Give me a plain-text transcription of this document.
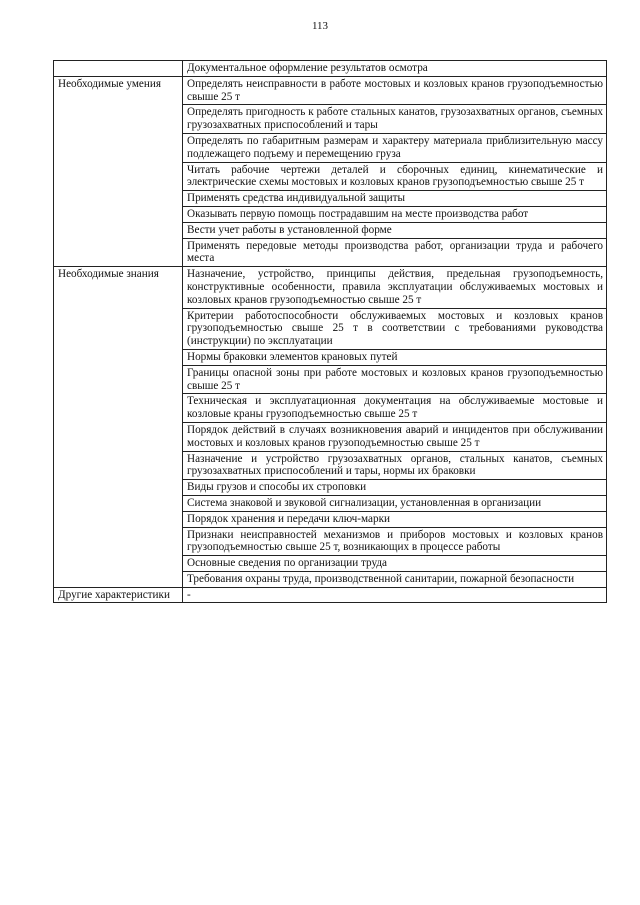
113
	Документальное оформление результатов осмотра
Необходимые умения	Определять неисправности в работе мостовых и козловых кранов грузоподъемностью свыше 25 т
	Определять пригодность к работе стальных канатов, грузозахватных органов, съемных грузозахватных приспособлений и тары
	Определять по габаритным размерам и характеру материала приблизительную массу подлежащего подъему и перемещению груза
	Читать рабочие чертежи деталей и сборочных единиц, кинематические и электрические схемы мостовых и козловых кранов грузоподъемностью свыше 25 т
	Применять средства индивидуальной защиты
	Оказывать первую помощь пострадавшим на месте производства работ
	Вести учет работы в установленной форме
	Применять передовые методы производства работ, организации труда и рабочего места
Необходимые знания	Назначение, устройство, принципы действия, предельная грузоподъемность, конструктивные особенности, правила эксплуатации обслуживаемых мостовых и козловых кранов грузоподъемностью свыше 25 т
	Критерии работоспособности обслуживаемых мостовых и козловых кранов грузоподъемностью свыше 25 т в соответствии с требованиями руководства (инструкции) по эксплуатации
	Нормы браковки элементов крановых путей
	Границы опасной зоны при работе мостовых и козловых кранов грузоподъемностью свыше 25 т
	Техническая и эксплуатационная документация на обслуживаемые мостовые и козловые краны грузоподъемностью свыше 25 т
	Порядок действий в случаях возникновения аварий и инцидентов при обслуживании мостовых и козловых кранов грузоподъемностью свыше 25 т
	Назначение и устройство грузозахватных органов, стальных канатов, съемных грузозахватных приспособлений и тары, нормы их браковки
	Виды грузов и способы их строповки
	Система знаковой и звуковой сигнализации, установленная в организации
	Порядок хранения и передачи ключ-марки
	Признаки неисправностей механизмов и приборов мостовых и козловых кранов грузоподъемностью свыше 25 т, возникающих в процессе работы
	Основные сведения по организации труда
	Требования охраны труда, производственной санитарии, пожарной безопасности
Другие характеристики	-
